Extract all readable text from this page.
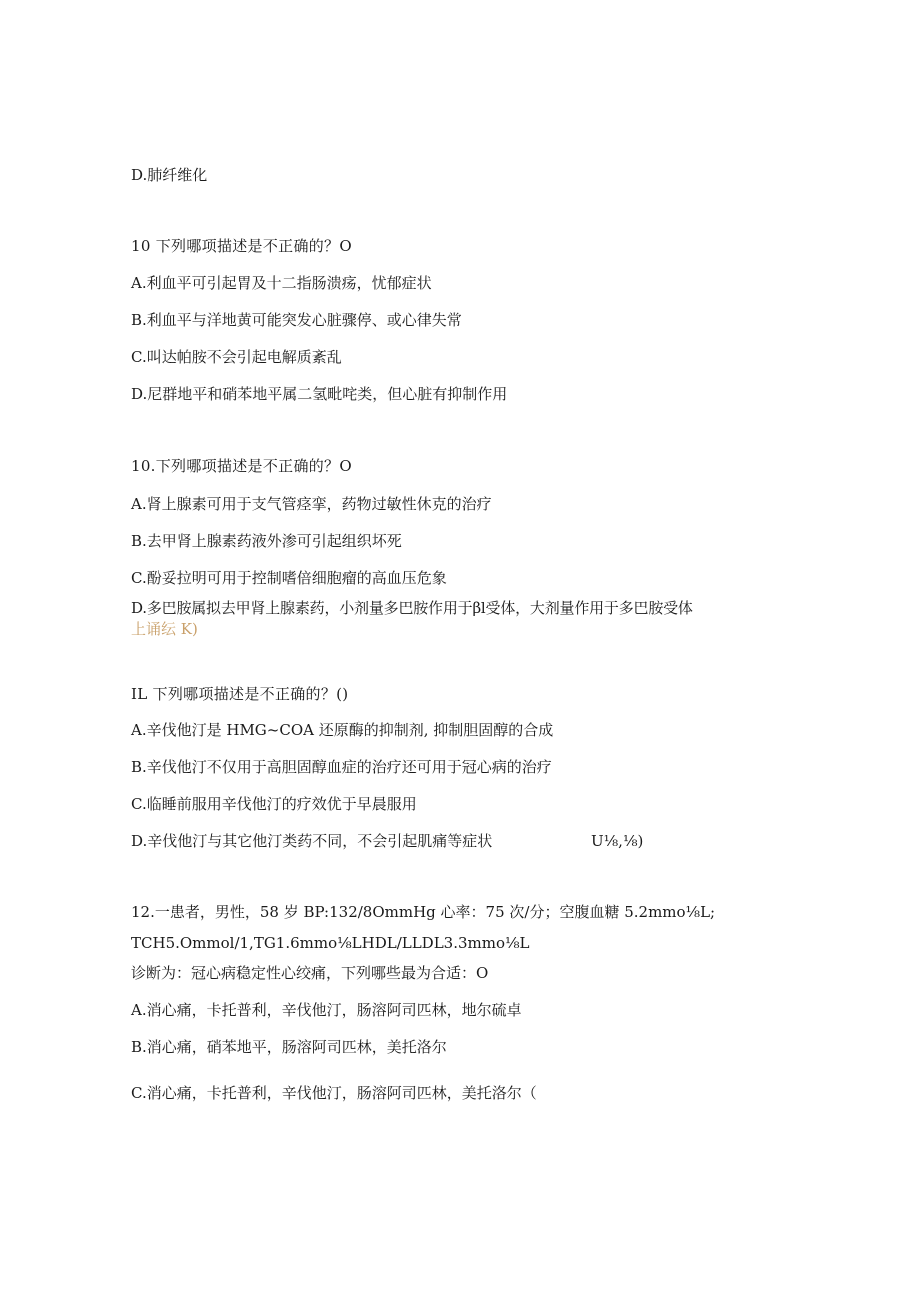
D.肺纤维化
10 下列哪项描述是不正确的？O
A.利血平可引起胃及十二指肠溃疡，忧郁症状
B.利血平与洋地黄可能突发心脏骤停、或心律失常
C.叫达帕胺不会引起电解质紊乱
D.尼群地平和硝苯地平属二氢毗咤类，但心脏有抑制作用
10.下列哪项描述是不正确的？O
A.肾上腺素可用于支气管痉挛，药物过敏性休克的治疗
B.去甲肾上腺素药液外渗可引起组织坏死
C.酚妥拉明可用于控制嗜倍细胞瘤的高血压危象
D.多巴胺属拟去甲肾上腺素药，小剂量多巴胺作用于βl受体，大剂量作用于多巴胺受体
上诵纭 K)
IL 下列哪项描述是不正确的？()
A.辛伐他汀是 HMG~COA 还原酶的抑制剂, 抑制胆固醇的合成
B.辛伐他汀不仅用于高胆固醇血症的治疗还可用于冠心病的治疗
C.临睡前服用辛伐他汀的疗效优于早晨服用
D.辛伐他汀与其它他汀类药不同，不会引起肌痛等症状	U⅛,⅛)
12.一患者，男性，58 岁 BP:132/8OmmHg 心率：75 次/分；空腹血糖 5.2mmo⅛L;
TCH5.Ommol/1,TG1.6mmo⅛LHDL/LLDL3.3mmo⅛L
诊断为：冠心病稳定性心绞痛，下列哪些最为合适：O
A.消心痛，卡托普利，辛伐他汀，肠溶阿司匹林，地尔硫卓
B.消心痛，硝苯地平，肠溶阿司匹林，美托洛尔
C.消心痛，卡托普利，辛伐他汀，肠溶阿司匹林，美托洛尔（
